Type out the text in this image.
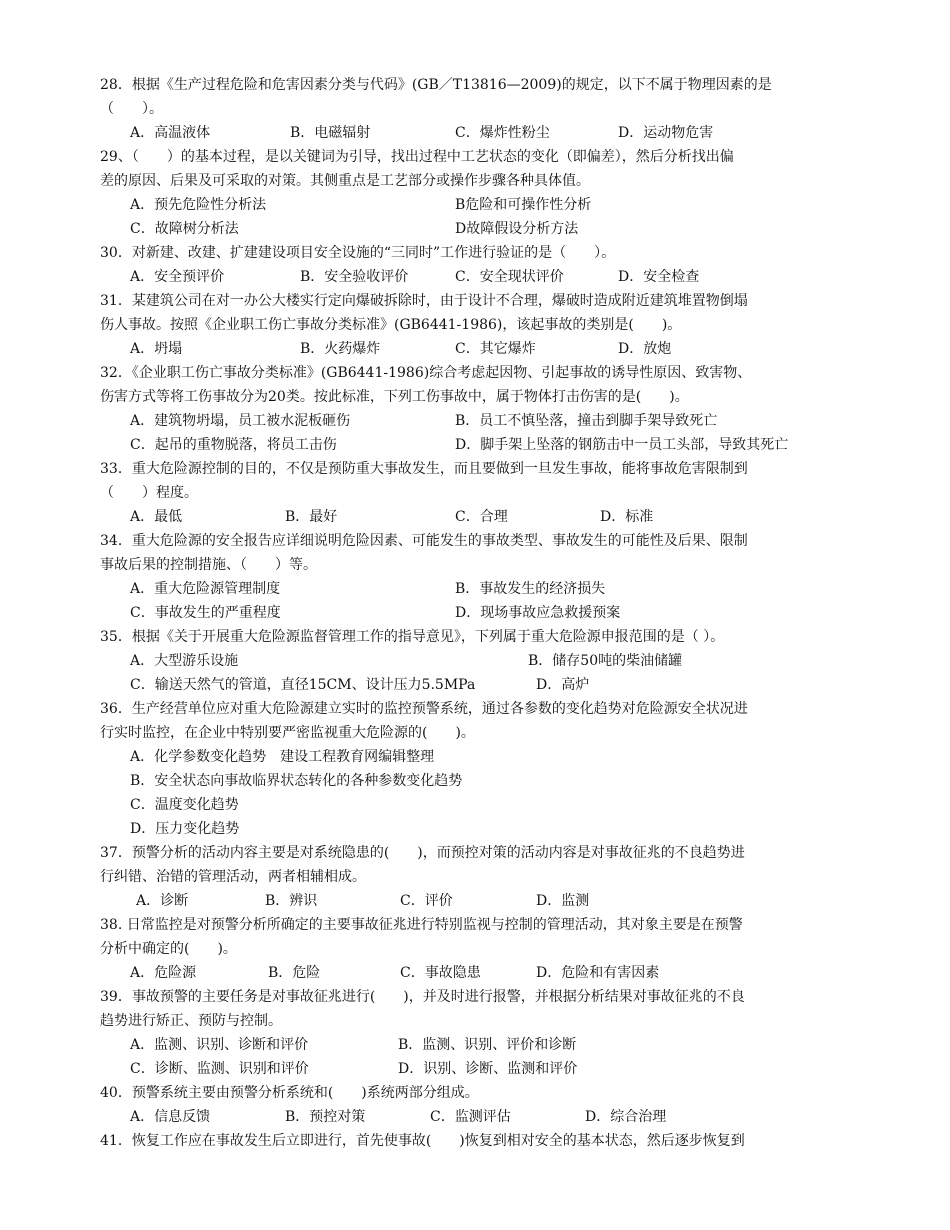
28．根据《生产过程危险和危害因素分类与代码》(GB／T13816—2009)的规定，以下不属于物理因素的是
（　　）。
A．高温液体	B．电磁辐射	C．爆炸性粉尘	D．运动物危害
29、（　　）的基本过程，是以关键词为引导，找出过程中工艺状态的变化（即偏差），然后分析找出偏
差的原因、后果及可采取的对策。其侧重点是工艺部分或操作步骤各种具体值。
A．预先危险性分析法	B危险和可操作性分析
C．故障树分析法	D故障假设分析方法
30．对新建、改建、扩建建设项目安全设施的“三同时”工作进行验证的是（　　）。
A．安全预评价	B．安全验收评价	C．安全现状评价	D．安全检查
31．某建筑公司在对一办公大楼实行定向爆破拆除时，由于设计不合理，爆破时造成附近建筑堆置物倒塌
伤人事故。按照《企业职工伤亡事故分类标准》(GB6441-1986)，该起事故的类别是(　　)。
A．坍塌	B．火药爆炸	C．其它爆炸	D．放炮
32．《企业职工伤亡事故分类标准》(GB6441-1986)综合考虑起因物、引起事故的诱导性原因、致害物、
伤害方式等将工伤事故分为20类。按此标准，下列工伤事故中，属于物体打击伤害的是(　　)。
A．建筑物坍塌，员工被水泥板砸伤	B．员工不慎坠落，撞击到脚手架导致死亡
C．起吊的重物脱落，将员工击伤	D．脚手架上坠落的钢筋击中一员工头部，导致其死亡
33．重大危险源控制的目的，不仅是预防重大事故发生，而且要做到一旦发生事故，能将事故危害限制到
（　　）程度。
A．最低	B．最好	C．合理	D．标准
34．重大危险源的安全报告应详细说明危险因素、可能发生的事故类型、事故发生的可能性及后果、限制
事故后果的控制措施、（　　）等。
A．重大危险源管理制度	B．事故发生的经济损失
C．事故发生的严重程度	D．现场事故应急救援预案
35．根据《关于开展重大危险源监督管理工作的指导意见》，下列属于重大危险源申报范围的是（ ）。
A．大型游乐设施	B．储存50吨的柴油储罐
C．输送天然气的管道，直径15CM、设计压力5.5MPa	D．高炉
36．生产经营单位应对重大危险源建立实时的监控预警系统，通过各参数的变化趋势对危险源安全状况进
行实时监控，在企业中特别要严密监视重大危险源的(　　)。
A．化学参数变化趋势　建设工程教育网编辑整理
B．安全状态向事故临界状态转化的各种参数变化趋势
C．温度变化趋势
D．压力变化趋势
37．预警分析的活动内容主要是对系统隐患的(　　)，而预控对策的活动内容是对事故征兆的不良趋势进
行纠错、治错的管理活动，两者相辅相成。
A．诊断	B．辨识	C．评价	D．监测
38. 日常监控是对预警分析所确定的主要事故征兆进行特别监视与控制的管理活动，其对象主要是在预警
分析中确定的(　　)。
A．危险源	B．危险	C．事故隐患	D．危险和有害因素
39．事故预警的主要任务是对事故征兆进行(　　)，并及时进行报警，并根据分析结果对事故征兆的不良
趋势进行矫正、预防与控制。
A．监测、识别、诊断和评价	B．监测、识别、评价和诊断
C．诊断、监测、识别和评价	D．识别、诊断、监测和评价
40．预警系统主要由预警分析系统和(　　)系统两部分组成。
A．信息反馈	B．预控对策	C．监测评估	D．综合治理
41．恢复工作应在事故发生后立即进行，首先使事故(　　)恢复到相对安全的基本状态，然后逐步恢复到
